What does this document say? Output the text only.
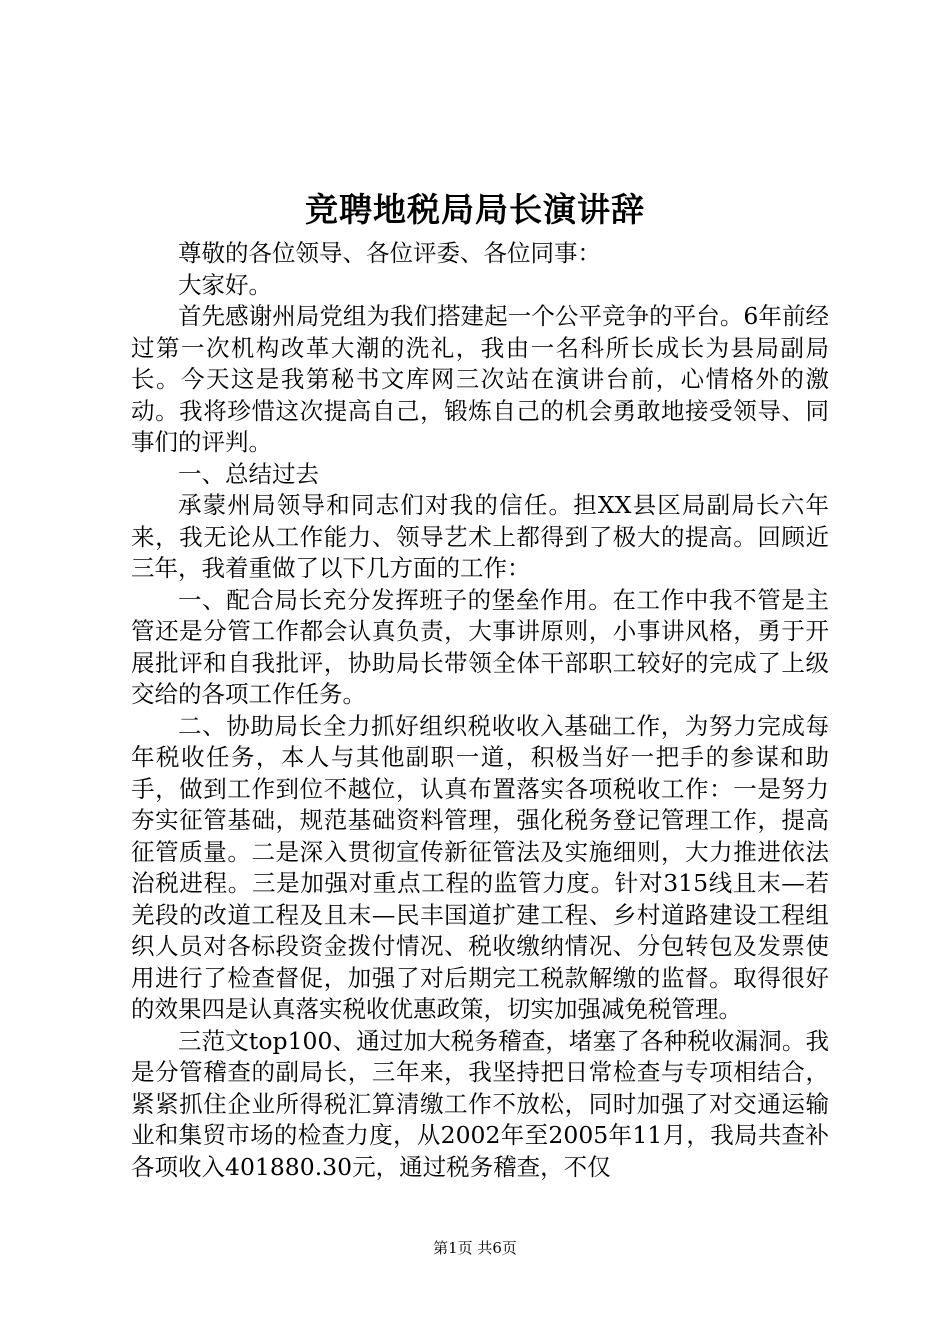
竞聘地税局局长演讲辞

尊敬的各位领导、各位评委、各位同事：

大家好。

首先感谢州局党组为我们搭建起一个公平竞争的平台。6年前经过第一次机构改革大潮的洗礼，我由一名科所长成长为县局副局长。今天这是我第秘书文库网三次站在演讲台前，心情格外的激动。我将珍惜这次提高自己，锻炼自己的机会勇敢地接受领导、同事们的评判。

一、总结过去

承蒙州局领导和同志们对我的信任。担XX县区局副局长六年来，我无论从工作能力、领导艺术上都得到了极大的提高。回顾近三年，我着重做了以下几方面的工作：

一、配合局长充分发挥班子的堡垒作用。在工作中我不管是主管还是分管工作都会认真负责，大事讲原则，小事讲风格，勇于开展批评和自我批评，协助局长带领全体干部职工较好的完成了上级交给的各项工作任务。

二、协助局长全力抓好组织税收收入基础工作，为努力完成每年税收任务，本人与其他副职一道，积极当好一把手的参谋和助手，做到工作到位不越位，认真布置落实各项税收工作：一是努力夯实征管基础，规范基础资料管理，强化税务登记管理工作，提高征管质量。二是深入贯彻宣传新征管法及实施细则，大力推进依法治税进程。三是加强对重点工程的监管力度。针对315线且末—若羌段的改道工程及且末—民丰国道扩建工程、乡村道路建设工程组织人员对各标段资金拨付情况、税收缴纳情况、分包转包及发票使用进行了检查督促，加强了对后期完工税款解缴的监督。取得很好的效果四是认真落实税收优惠政策，切实加强减免税管理。

三范文top100、通过加大税务稽查，堵塞了各种税收漏洞。我是分管稽查的副局长，三年来，我坚持把日常检查与专项相结合，紧紧抓住企业所得税汇算清缴工作不放松，同时加强了对交通运输业和集贸市场的检查力度，从2002年至2005年11月，我局共查补各项收入401880.30元，通过税务稽查，不仅

第1页 共6页
